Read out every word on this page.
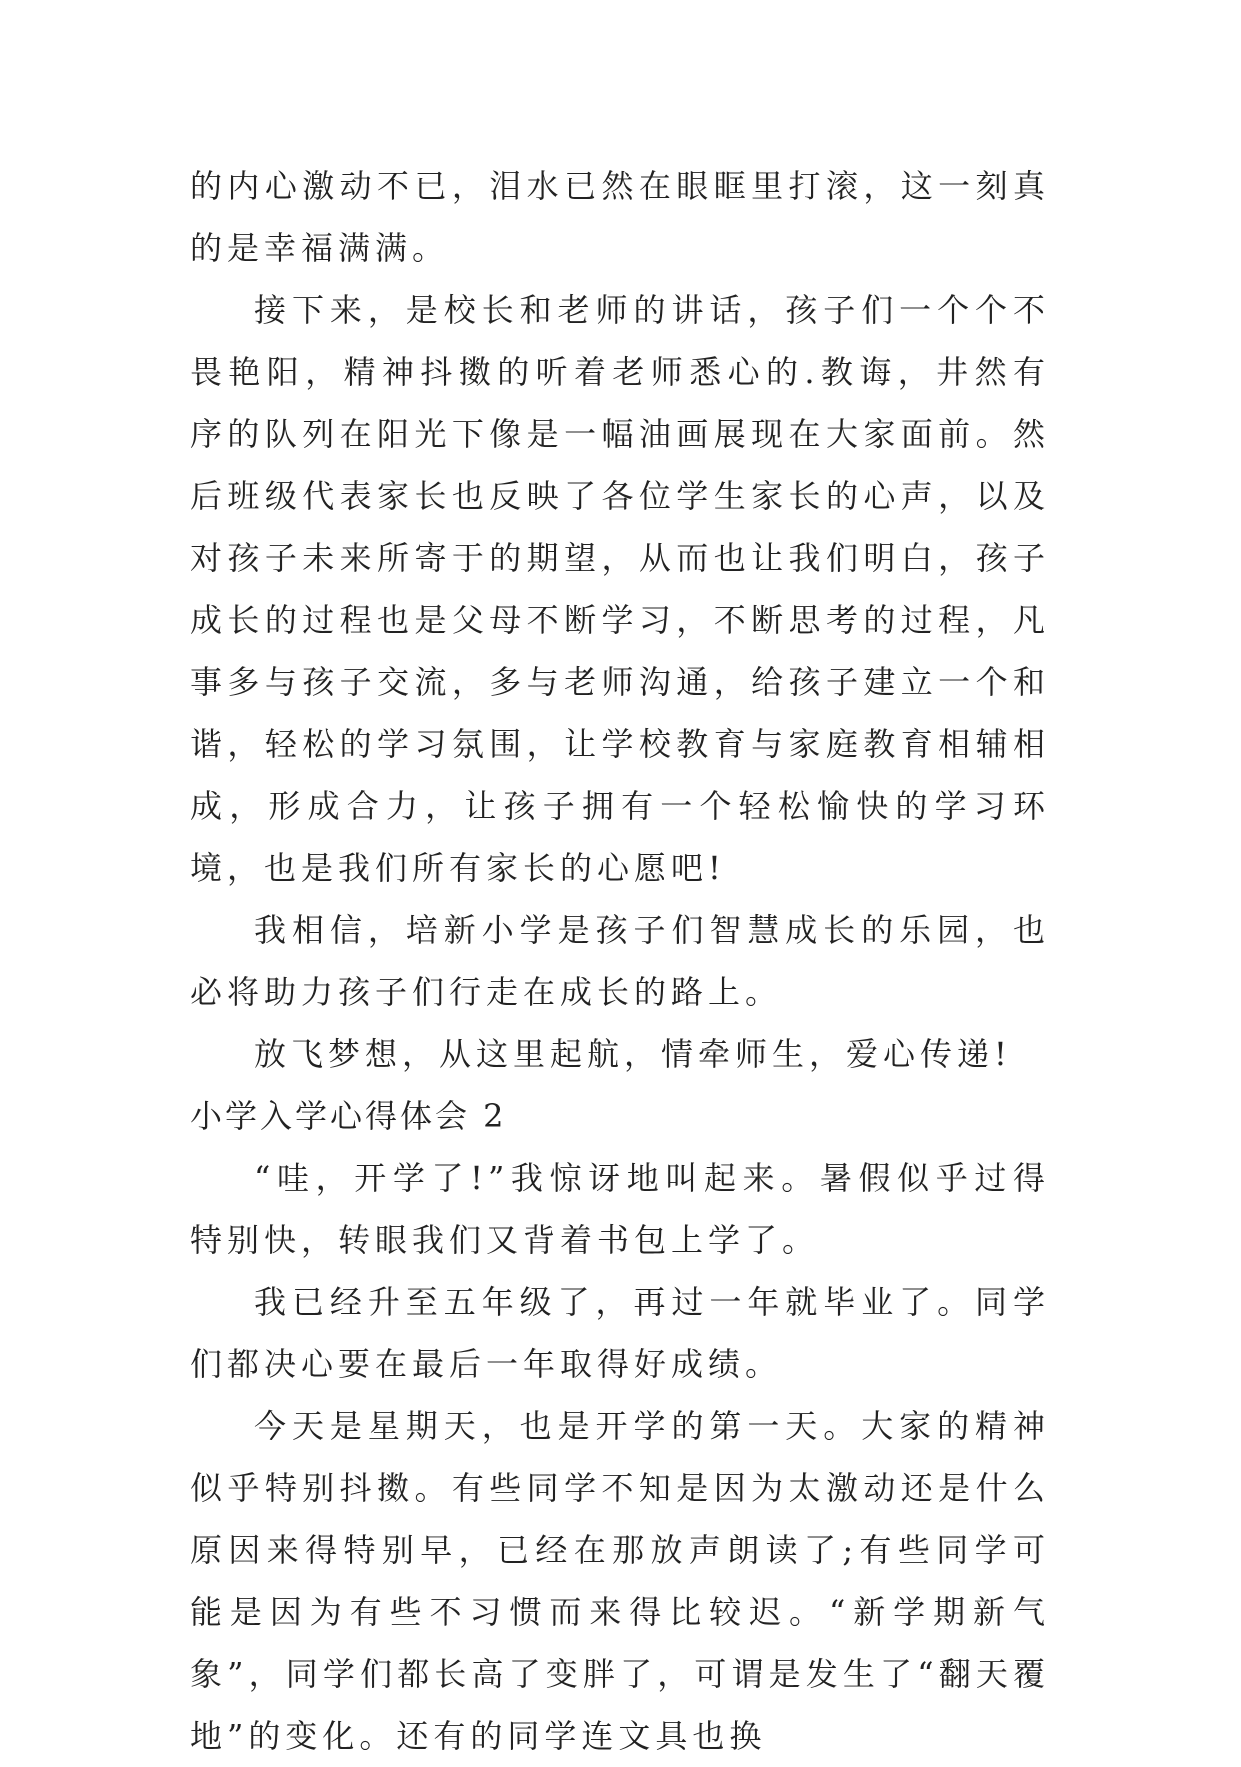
的内心激动不已，泪水已然在眼眶里打滚，这一刻真的是幸福满满。

接下来，是校长和老师的讲话，孩子们一个个不畏艳阳，精神抖擞的听着老师悉心的.教诲，井然有序的队列在阳光下像是一幅油画展现在大家面前。然后班级代表家长也反映了各位学生家长的心声，以及对孩子未来所寄于的期望，从而也让我们明白，孩子成长的过程也是父母不断学习，不断思考的过程，凡事多与孩子交流，多与老师沟通，给孩子建立一个和谐，轻松的学习氛围，让学校教育与家庭教育相辅相成，形成合力，让孩子拥有一个轻松愉快的学习环境，也是我们所有家长的心愿吧!

我相信，培新小学是孩子们智慧成长的乐园，也必将助力孩子们行走在成长的路上。

放飞梦想，从这里起航，情牵师生，爱心传递!

小学入学心得体会 2

“哇，开学了!”我惊讶地叫起来。暑假似乎过得特别快，转眼我们又背着书包上学了。

我已经升至五年级了，再过一年就毕业了。同学们都决心要在最后一年取得好成绩。

今天是星期天，也是开学的第一天。大家的精神似乎特别抖擞。有些同学不知是因为太激动还是什么原因来得特别早，已经在那放声朗读了;有些同学可能是因为有些不习惯而来得比较迟。“新学期新气象”，同学们都长高了变胖了，可谓是发生了“翻天覆地”的变化。还有的同学连文具也换
